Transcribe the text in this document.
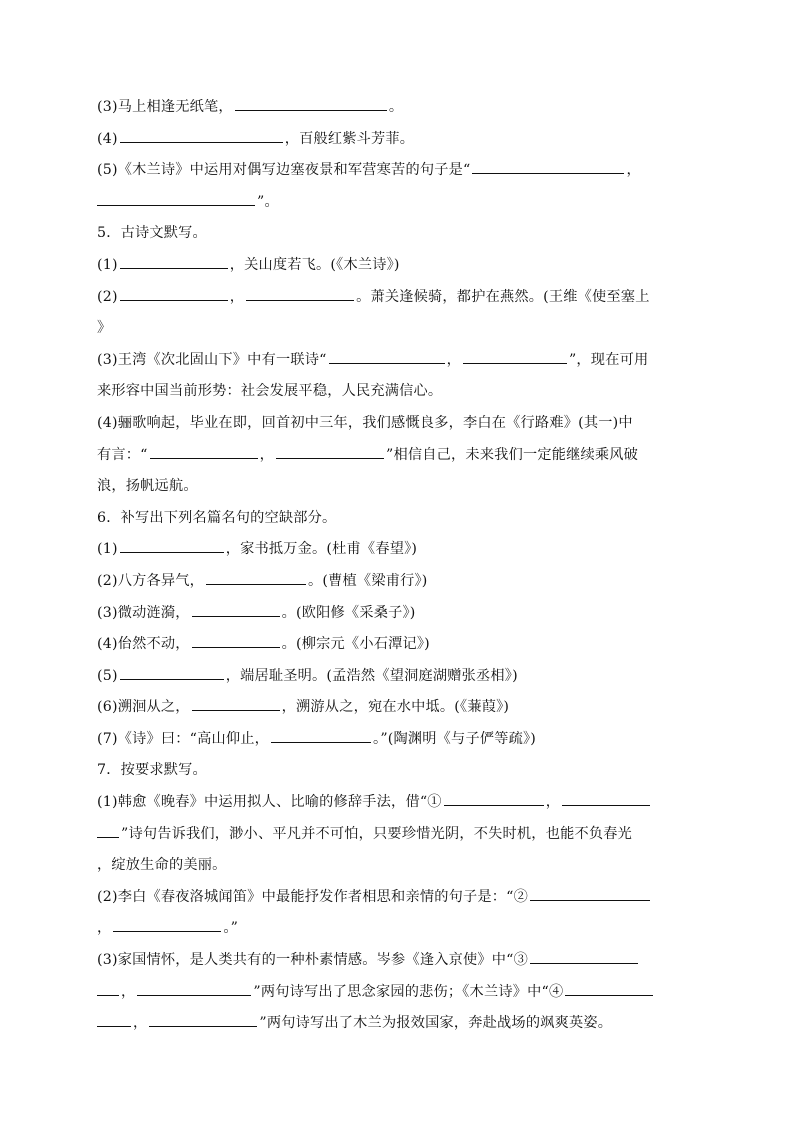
(3)马上相逢无纸笔，	。
(4)	，百般红紫斗芳菲。
(5)《木兰诗》中运用对偶写边塞夜景和军营寒苦的句子是“	，
”。
5．古诗文默写。
(1)	，关山度若飞。(《木兰诗》)
(2)	，	。萧关逢候骑，都护在燕然。(王维《使至塞上
》
(3)王湾《次北固山下》中有一联诗“	，	”，现在可用
来形容中国当前形势：社会发展平稳，人民充满信心。
(4)骊歌响起，毕业在即，回首初中三年，我们感慨良多，李白在《行路难》(其一)中
有言：“	，	”相信自己，未来我们一定能继续乘风破
浪，扬帆远航。
6．补写出下列名篇名句的空缺部分。
(1)	，家书抵万金。(杜甫《春望》)
(2)八方各异气，	。(曹植《梁甫行》)
(3)微动涟漪，	。(欧阳修《采桑子》)
(4)佁然不动，	。(柳宗元《小石潭记》)
(5)	，端居耻圣明。(孟浩然《望洞庭湖赠张丞相》)
(6)溯洄从之，	，溯游从之，宛在水中坻。(《蒹葭》)
(7)《诗》曰：“高山仰止，	。”(陶渊明《与子俨等疏》)
7．按要求默写。
(1)韩愈《晚春》中运用拟人、比喻的修辞手法，借“①	，
”诗句告诉我们，渺小、平凡并不可怕，只要珍惜光阴，不失时机，也能不负春光
，绽放生命的美丽。
(2)李白《春夜洛城闻笛》中最能抒发作者相思和亲情的句子是：“②
，	。”
(3)家国情怀，是人类共有的一种朴素情感。岑参《逢入京使》中“③
，	”两句诗写出了思念家园的悲伤；《木兰诗》中“④
，	”两句诗写出了木兰为报效国家，奔赴战场的飒爽英姿。
